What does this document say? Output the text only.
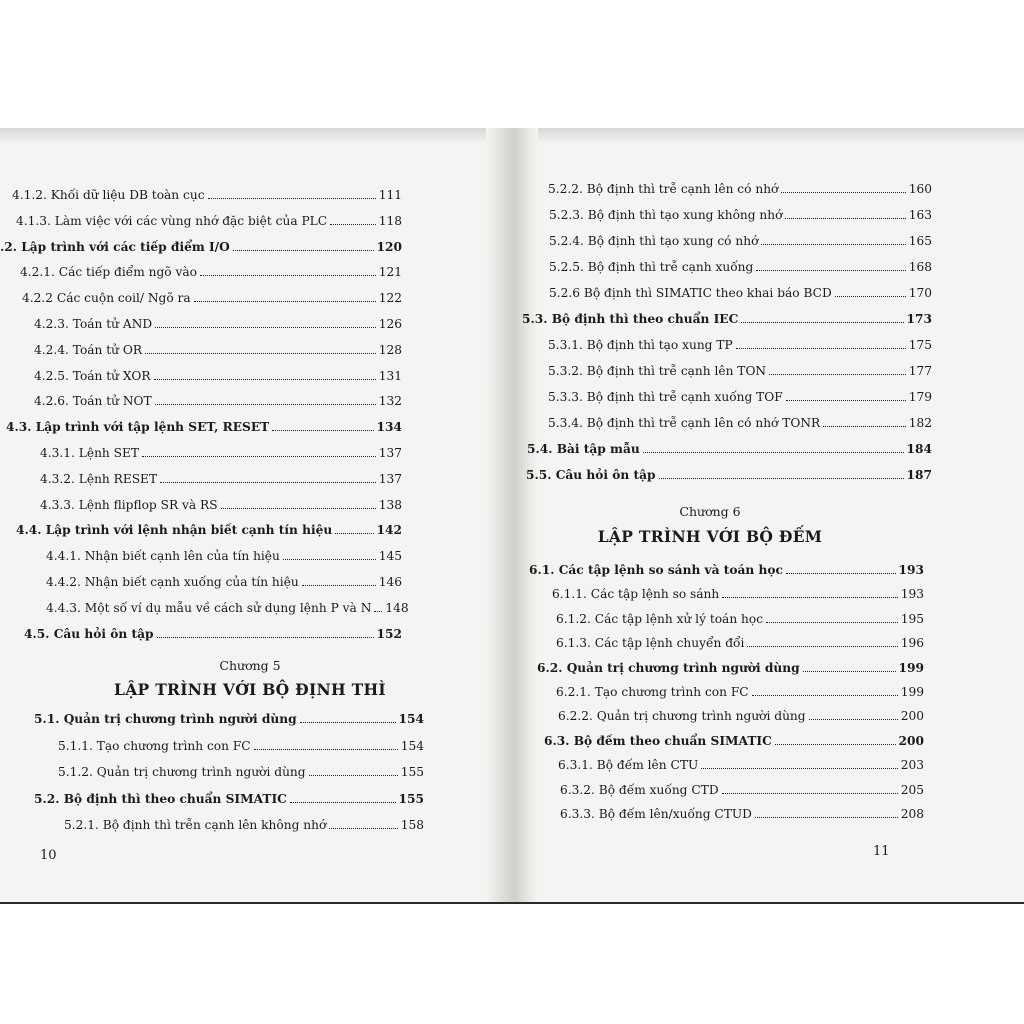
Chương 5
LẬP TRÌNH VỚI BỘ ĐỊNH THÌ
10
4.1.2. Khối dữ liệu DB toàn cục	111
4.1.3. Làm việc với các vùng nhớ đặc biệt của PLC	118
.2. Lập trình với các tiếp điểm I/O	120
4.2.1. Các tiếp điểm ngõ vào	121
4.2.2 Các cuộn coil/ Ngõ ra	122
4.2.3. Toán tử AND	126
4.2.4. Toán tử OR	128
4.2.5. Toán tử XOR	131
4.2.6. Toán tử NOT	132
4.3. Lập trình với tập lệnh SET, RESET	134
4.3.1. Lệnh SET	137
4.3.2. Lệnh RESET	137
4.3.3. Lệnh flipflop SR và RS	138
4.4. Lập trình với lệnh nhận biết cạnh tín hiệu	142
4.4.1. Nhận biết cạnh lên của tín hiệu	145
4.4.2. Nhận biết cạnh xuống của tín hiệu	146
4.4.3. Một số ví dụ mẫu về cách sử dụng lệnh P và N 148
4.5. Câu hỏi ôn tập	152
5.1. Quản trị chương trình người dùng	154
5.1.1. Tạo chương trình con FC	154
5.1.2. Quản trị chương trình người dùng	155
5.2. Bộ định thì theo chuẩn SIMATIC	155
5.2.1. Bộ định thì trễn cạnh lên không nhớ	158
Chương 6
LẬP TRÌNH VỚI BỘ ĐẾM
11
5.2.2. Bộ định thì trễ cạnh lên có nhớ	160
5.2.3. Bộ định thì tạo xung không nhớ	163
5.2.4. Bộ định thì tạo xung có nhớ	165
5.2.5. Bộ định thì trễ cạnh xuống	168
5.2.6 Bộ định thì SIMATIC theo khai báo BCD	170
5.3. Bộ định thì theo chuẩn IEC	173
5.3.1. Bộ định thì tạo xung TP	175
5.3.2. Bộ định thì trễ cạnh lên TON	177
5.3.3. Bộ định thì trễ cạnh xuống TOF	179
5.3.4. Bộ định thì trễ cạnh lên có nhớ TONR	182
5.4. Bài tập mẫu	184
5.5. Câu hỏi ôn tập	187
6.1. Các tập lệnh so sánh và toán học	193
6.1.1. Các tập lệnh so sánh	193
6.1.2. Các tập lệnh xử lý toán học	195
6.1.3. Các tập lệnh chuyển đổi	196
6.2. Quản trị chương trình người dùng	199
6.2.1. Tạo chương trình con FC	199
6.2.2. Quản trị chương trình người dùng	200
6.3. Bộ đếm theo chuẩn SIMATIC	200
6.3.1. Bộ đếm lên CTU	203
6.3.2. Bộ đếm xuống CTD	205
6.3.3. Bộ đếm lên/xuống CTUD	208
